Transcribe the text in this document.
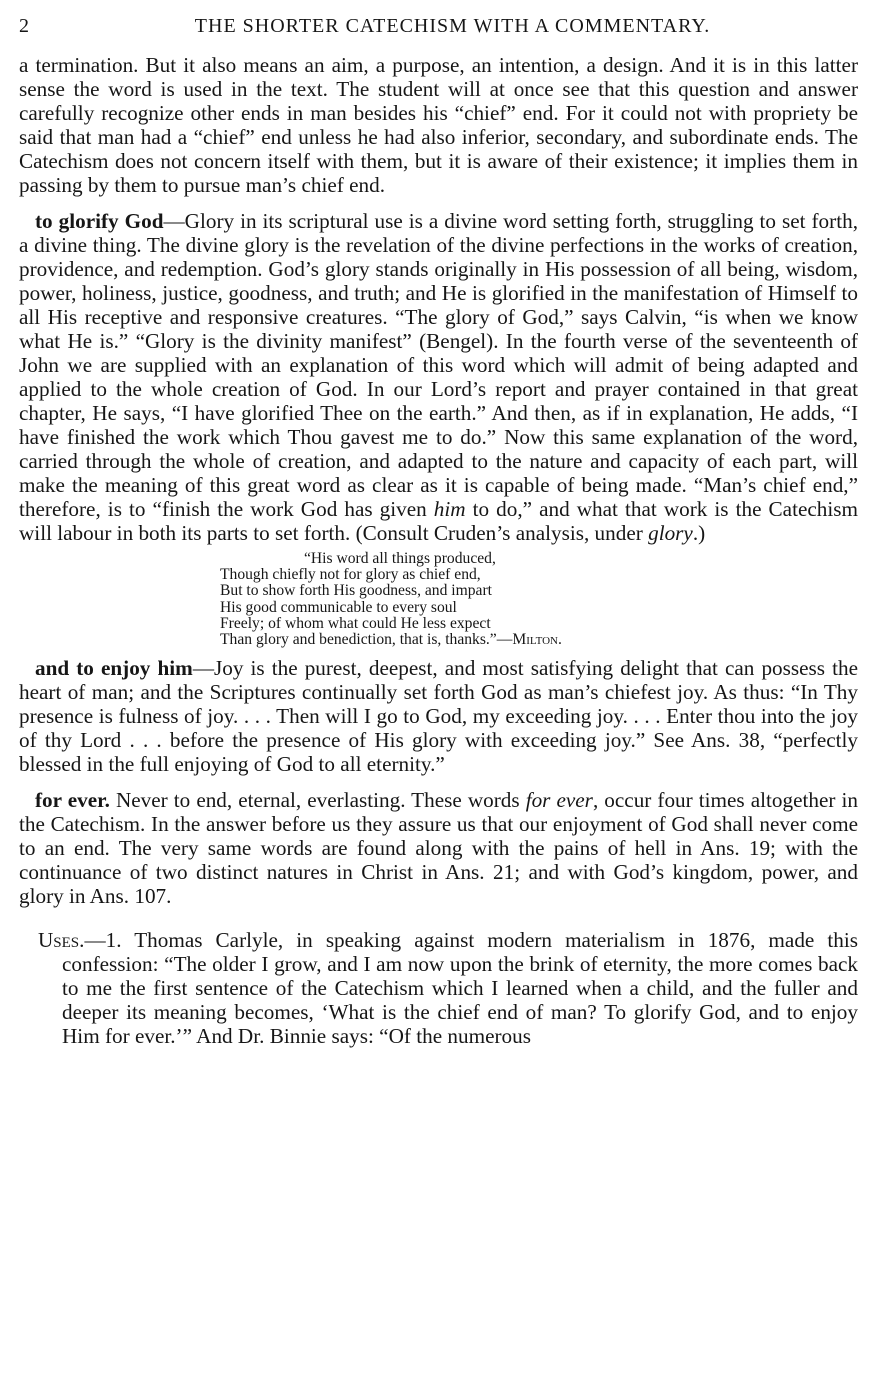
2	THE SHORTER CATECHISM WITH A COMMENTARY.

a termination. But it also means an aim, a purpose, an intention, a design. And it is in this latter sense the word is used in the text. The student will at once see that this question and answer carefully recognize other ends in man besides his “chief” end. For it could not with propriety be said that man had a “chief” end unless he had also inferior, secondary, and subordinate ends. The Catechism does not concern itself with them, but it is aware of their existence; it implies them in passing by them to pursue man’s chief end.

to glorify God—Glory in its scriptural use is a divine word setting forth, struggling to set forth, a divine thing. The divine glory is the revelation of the divine perfections in the works of creation, providence, and redemption. God’s glory stands originally in His possession of all being, wisdom, power, holiness, justice, goodness, and truth; and He is glorified in the manifestation of Himself to all His receptive and responsive creatures. “The glory of God,” says Calvin, “is when we know what He is.” “Glory is the divinity manifest” (Bengel). In the fourth verse of the seventeenth of John we are supplied with an explanation of this word which will admit of being adapted and applied to the whole creation of God. In our Lord’s report and prayer contained in that great chapter, He says, “I have glorified Thee on the earth.” And then, as if in explanation, He adds, “I have finished the work which Thou gavest me to do.” Now this same explanation of the word, carried through the whole of creation, and adapted to the nature and capacity of each part, will make the meaning of this great word as clear as it is capable of being made. “Man’s chief end,” therefore, is to “finish the work God has given him to do,” and what that work is the Catechism will labour in both its parts to set forth. (Consult Cruden’s analysis, under glory.)

“His word all things produced,
Though chiefly not for glory as chief end,
But to show forth His goodness, and impart
His good communicable to every soul
Freely; of whom what could He less expect
Than glory and benediction, that is, thanks.”—Milton.

and to enjoy him—Joy is the purest, deepest, and most satisfying delight that can possess the heart of man; and the Scriptures continually set forth God as man’s chiefest joy. As thus: “In Thy presence is fulness of joy. . . . Then will I go to God, my exceeding joy. . . . Enter thou into the joy of thy Lord . . . before the presence of His glory with exceeding joy.” See Ans. 38, “perfectly blessed in the full enjoying of God to all eternity.”

for ever. Never to end, eternal, everlasting. These words for ever, occur four times altogether in the Catechism. In the answer before us they assure us that our enjoyment of God shall never come to an end. The very same words are found along with the pains of hell in Ans. 19; with the continuance of two distinct natures in Christ in Ans. 21; and with God’s kingdom, power, and glory in Ans. 107.

Uses.—1. Thomas Carlyle, in speaking against modern materialism in 1876, made this confession: “The older I grow, and I am now upon the brink of eternity, the more comes back to me the first sentence of the Catechism which I learned when a child, and the fuller and deeper its meaning becomes, ‘What is the chief end of man? To glorify God, and to enjoy Him for ever.’” And Dr. Binnie says: “Of the numerous
